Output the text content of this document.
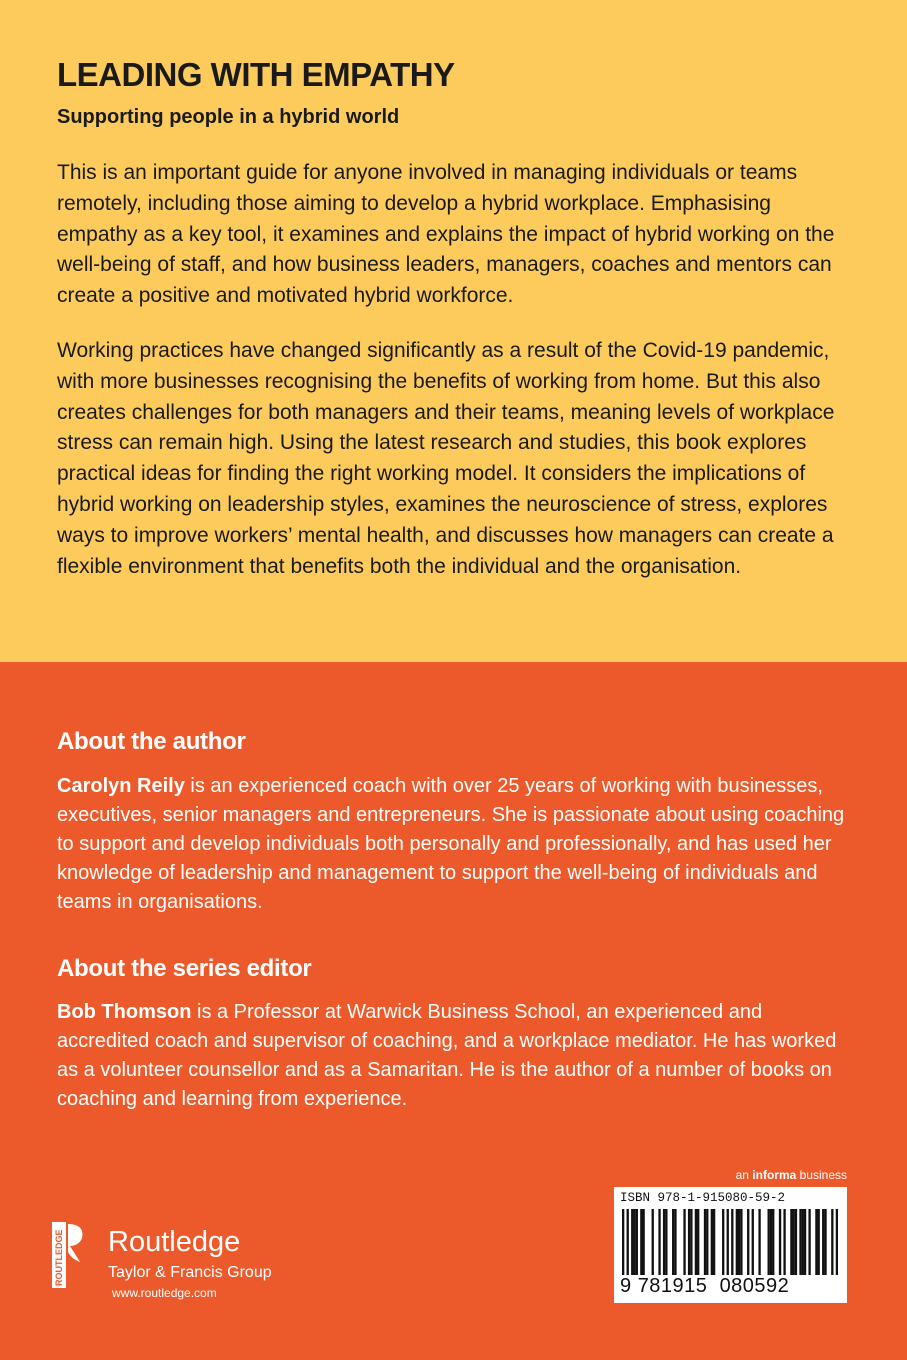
LEADING WITH EMPATHY
Supporting people in a hybrid world

This is an important guide for anyone involved in managing individuals or teams remotely, including those aiming to develop a hybrid workplace. Emphasising empathy as a key tool, it examines and explains the impact of hybrid working on the well-being of staff, and how business leaders, managers, coaches and mentors can create a positive and motivated hybrid workforce.

Working practices have changed significantly as a result of the Covid-19 pandemic, with more businesses recognising the benefits of working from home. But this also creates challenges for both managers and their teams, meaning levels of workplace stress can remain high. Using the latest research and studies, this book explores practical ideas for finding the right working model. It considers the implications of hybrid working on leadership styles, examines the neuroscience of stress, explores ways to improve workers’ mental health, and discusses how managers can create a flexible environment that benefits both the individual and the organisation.

About the author

Carolyn Reily is an experienced coach with over 25 years of working with businesses, executives, senior managers and entrepreneurs. She is passionate about using coaching to support and develop individuals both personally and professionally, and has used her knowledge of leadership and management to support the well-being of individuals and teams in organisations.

About the series editor

Bob Thomson is a Professor at Warwick Business School, an experienced and accredited coach and supervisor of coaching, and a workplace mediator. He has worked as a volunteer counsellor and as a Samaritan. He is the author of a number of books on coaching and learning from experience.

ROUTLEDGE Routledge
Taylor & Francis Group
www.routledge.com
an informa business
ISBN 978-1-915080-59-2
9 781915 080592
